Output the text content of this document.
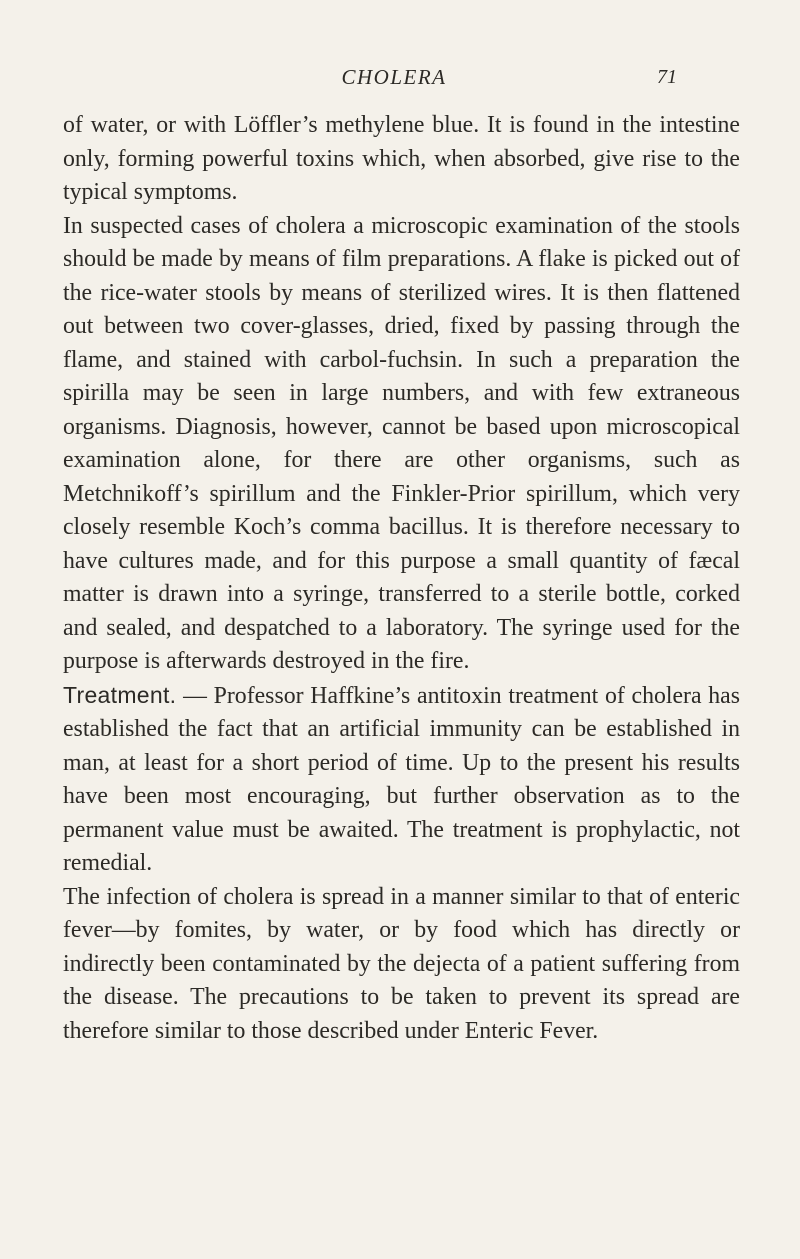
CHOLERA	71

of water, or with Löffler’s methylene blue. It is found in the intestine only, forming powerful toxins which, when absorbed, give rise to the typical symptoms.

In suspected cases of cholera a microscopic examination of the stools should be made by means of film preparations. A flake is picked out of the rice-water stools by means of sterilized wires. It is then flattened out between two cover-glasses, dried, fixed by passing through the flame, and stained with carbol-fuchsin. In such a preparation the spirilla may be seen in large numbers, and with few extraneous organisms. Diagnosis, however, cannot be based upon microscopical examination alone, for there are other organisms, such as Metchnikoff’s spirillum and the Finkler-Prior spirillum, which very closely resemble Koch’s comma bacillus. It is therefore necessary to have cultures made, and for this purpose a small quantity of fæcal matter is drawn into a syringe, transferred to a sterile bottle, corked and sealed, and despatched to a laboratory. The syringe used for the purpose is afterwards destroyed in the fire.

Treatment. — Professor Haffkine’s antitoxin treatment of cholera has established the fact that an artificial immunity can be established in man, at least for a short period of time. Up to the present his results have been most encouraging, but further observation as to the permanent value must be awaited. The treatment is prophylactic, not remedial.

The infection of cholera is spread in a manner similar to that of enteric fever—by fomites, by water, or by food which has directly or indirectly been contaminated by the dejecta of a patient suffering from the disease. The precautions to be taken to prevent its spread are therefore similar to those described under Enteric Fever.
